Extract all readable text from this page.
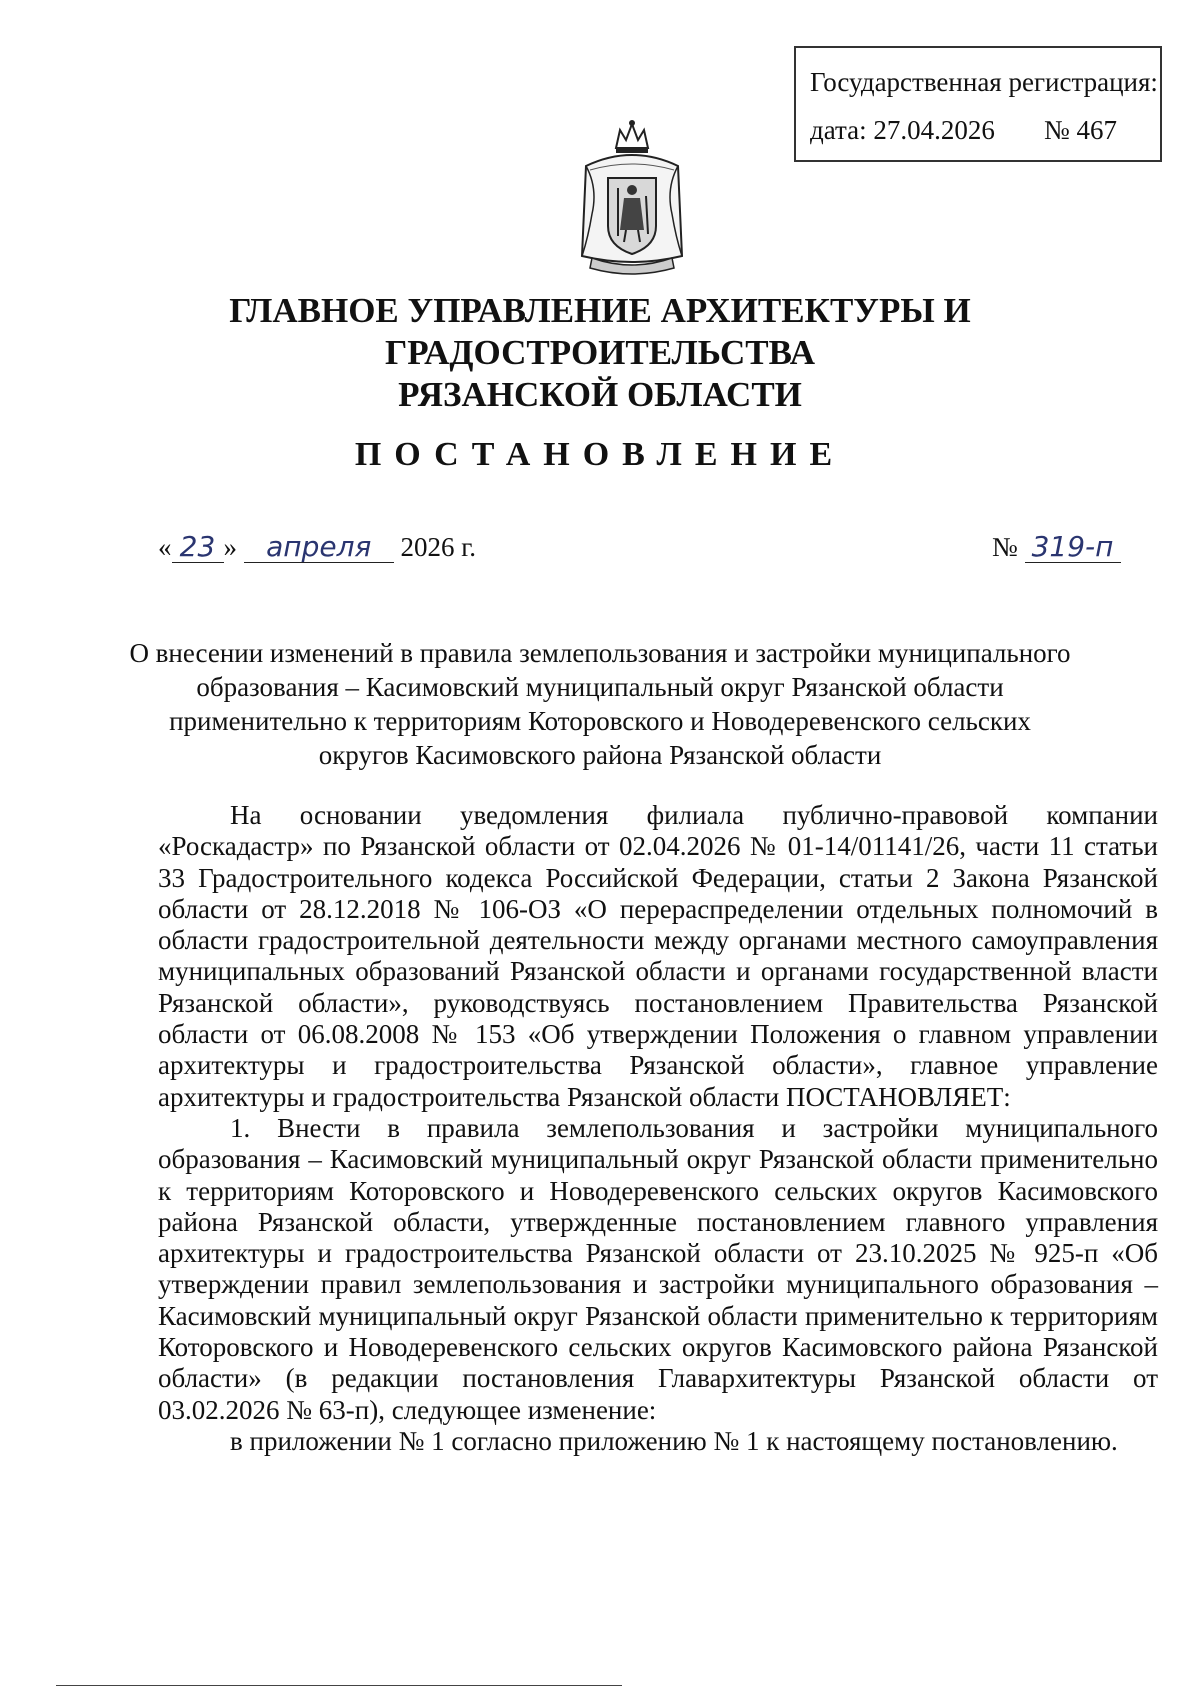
Государственная регистрация:
дата: 27.04.2026 № 467
ГЛАВНОЕ УПРАВЛЕНИЕ АРХИТЕКТУРЫ И ГРАДОСТРОИТЕЛЬСТВА
РЯЗАНСКОЙ ОБЛАСТИ
ПОСТАНОВЛЕНИЕ
« 23 » апреля 2026 г.	№ 319-п
О внесении изменений в правила землепользования и застройки муниципального
образования – Касимовский муниципальный округ Рязанской области
применительно к территориям Которовского и Новодеревенского сельских
округов Касимовского района Рязанской области

На основании уведомления филиала публично-правовой компании «Роскадастр» по Рязанской области от 02.04.2026 № 01-14/01141/26, части 11 статьи 33 Градостроительного кодекса Российской Федерации, статьи 2 Закона Рязанской области от 28.12.2018 № 106-ОЗ «О перераспределении отдельных полномочий в области градостроительной деятельности между органами местного самоуправления муниципальных образований Рязанской области и органами государственной власти Рязанской области», руководствуясь постановлением Правительства Рязанской области от 06.08.2008 № 153 «Об утверждении Положения о главном управлении архитектуры и градостроительства Рязанской области», главное управление архитектуры и градостроительства Рязанской области ПОСТАНОВЛЯЕТ:

1. Внести в правила землепользования и застройки муниципального образования – Касимовский муниципальный округ Рязанской области применительно к территориям Которовского и Новодеревенского сельских округов Касимовского района Рязанской области, утвержденные постановлением главного управления архитектуры и градостроительства Рязанской области от 23.10.2025 № 925-п «Об утверждении правил землепользования и застройки муниципального образования – Касимовский муниципальный округ Рязанской области применительно к территориям Которовского и Новодеревенского сельских округов Касимовского района Рязанской области» (в редакции постановления Главархитектуры Рязанской области от 03.02.2026 № 63-п), следующее изменение:

в приложении № 1 согласно приложению № 1 к настоящему постановлению.
